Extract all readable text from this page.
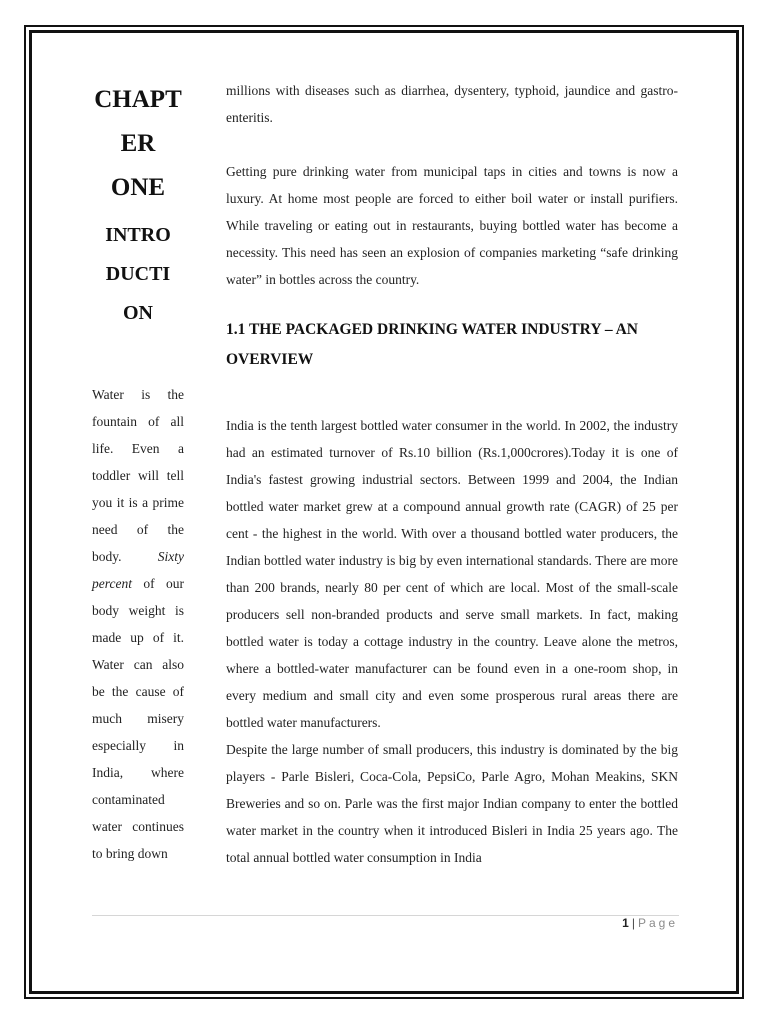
CHAPT
ER
ONE
INTRO
DUCTI
ON

Water is the fountain of all life. Even a toddler will tell you it is a prime need of the body. Sixty percent of our body weight is made up of it. Water can also be the cause of much misery especially in India, where contaminated water continues to bring down

millions with diseases such as diarrhea, dysentery, typhoid, jaundice and gastro-enteritis.

Getting pure drinking water from municipal taps in cities and towns is now a luxury. At home most people are forced to either boil water or install purifiers. While traveling or eating out in restaurants, buying bottled water has become a necessity. This need has seen an explosion of companies marketing “safe drinking water” in bottles across the country.

1.1 THE PACKAGED DRINKING WATER INDUSTRY – AN OVERVIEW

India is the tenth largest bottled water consumer in the world. In 2002, the industry had an estimated turnover of Rs.10 billion (Rs.1,000crores).Today it is one of India's fastest growing industrial sectors. Between 1999 and 2004, the Indian bottled water market grew at a compound annual growth rate (CAGR) of 25 per cent - the highest in the world. With over a thousand bottled water producers, the Indian bottled water industry is big by even international standards. There are more than 200 brands, nearly 80 per cent of which are local. Most of the small-scale producers sell non-branded products and serve small markets. In fact, making bottled water is today a cottage industry in the country. Leave alone the metros, where a bottled-water manufacturer can be found even in a one-room shop, in every medium and small city and even some prosperous rural areas there are bottled water manufacturers.

Despite the large number of small producers, this industry is dominated by the big players - Parle Bisleri, Coca-Cola, PepsiCo, Parle Agro, Mohan Meakins, SKN Breweries and so on. Parle was the first major Indian company to enter the bottled water market in the country when it introduced Bisleri in India 25 years ago. The total annual bottled water consumption in India

1 | Page
